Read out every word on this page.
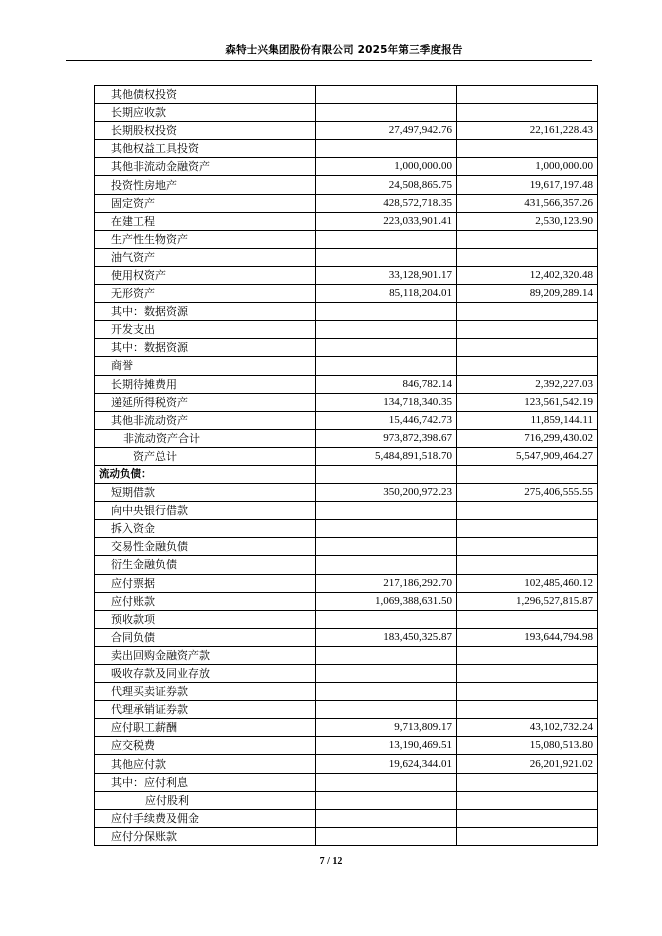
森特士兴集团股份有限公司 2025年第三季度报告
其他债权投资		
长期应收款		
长期股权投资	27,497,942.76	22,161,228.43
其他权益工具投资		
其他非流动金融资产	1,000,000.00	1,000,000.00
投资性房地产	24,508,865.75	19,617,197.48
固定资产	428,572,718.35	431,566,357.26
在建工程	223,033,901.41	2,530,123.90
生产性生物资产		
油气资产		
使用权资产	33,128,901.17	12,402,320.48
无形资产	85,118,204.01	89,209,289.14
其中：数据资源		
开发支出		
其中：数据资源		
商誉		
长期待摊费用	846,782.14	2,392,227.03
递延所得税资产	134,718,340.35	123,561,542.19
其他非流动资产	15,446,742.73	11,859,144.11
非流动资产合计	973,872,398.67	716,299,430.02
资产总计	5,484,891,518.70	5,547,909,464.27
流动负债：		
短期借款	350,200,972.23	275,406,555.55
向中央银行借款		
拆入资金		
交易性金融负债		
衍生金融负债		
应付票据	217,186,292.70	102,485,460.12
应付账款	1,069,388,631.50	1,296,527,815.87
预收款项		
合同负债	183,450,325.87	193,644,794.98
卖出回购金融资产款		
吸收存款及同业存放		
代理买卖证券款		
代理承销证券款		
应付职工薪酬	9,713,809.17	43,102,732.24
应交税费	13,190,469.51	15,080,513.80
其他应付款	19,624,344.01	26,201,921.02
其中：应付利息		
应付股利		
应付手续费及佣金		
应付分保账款		
7 / 12
